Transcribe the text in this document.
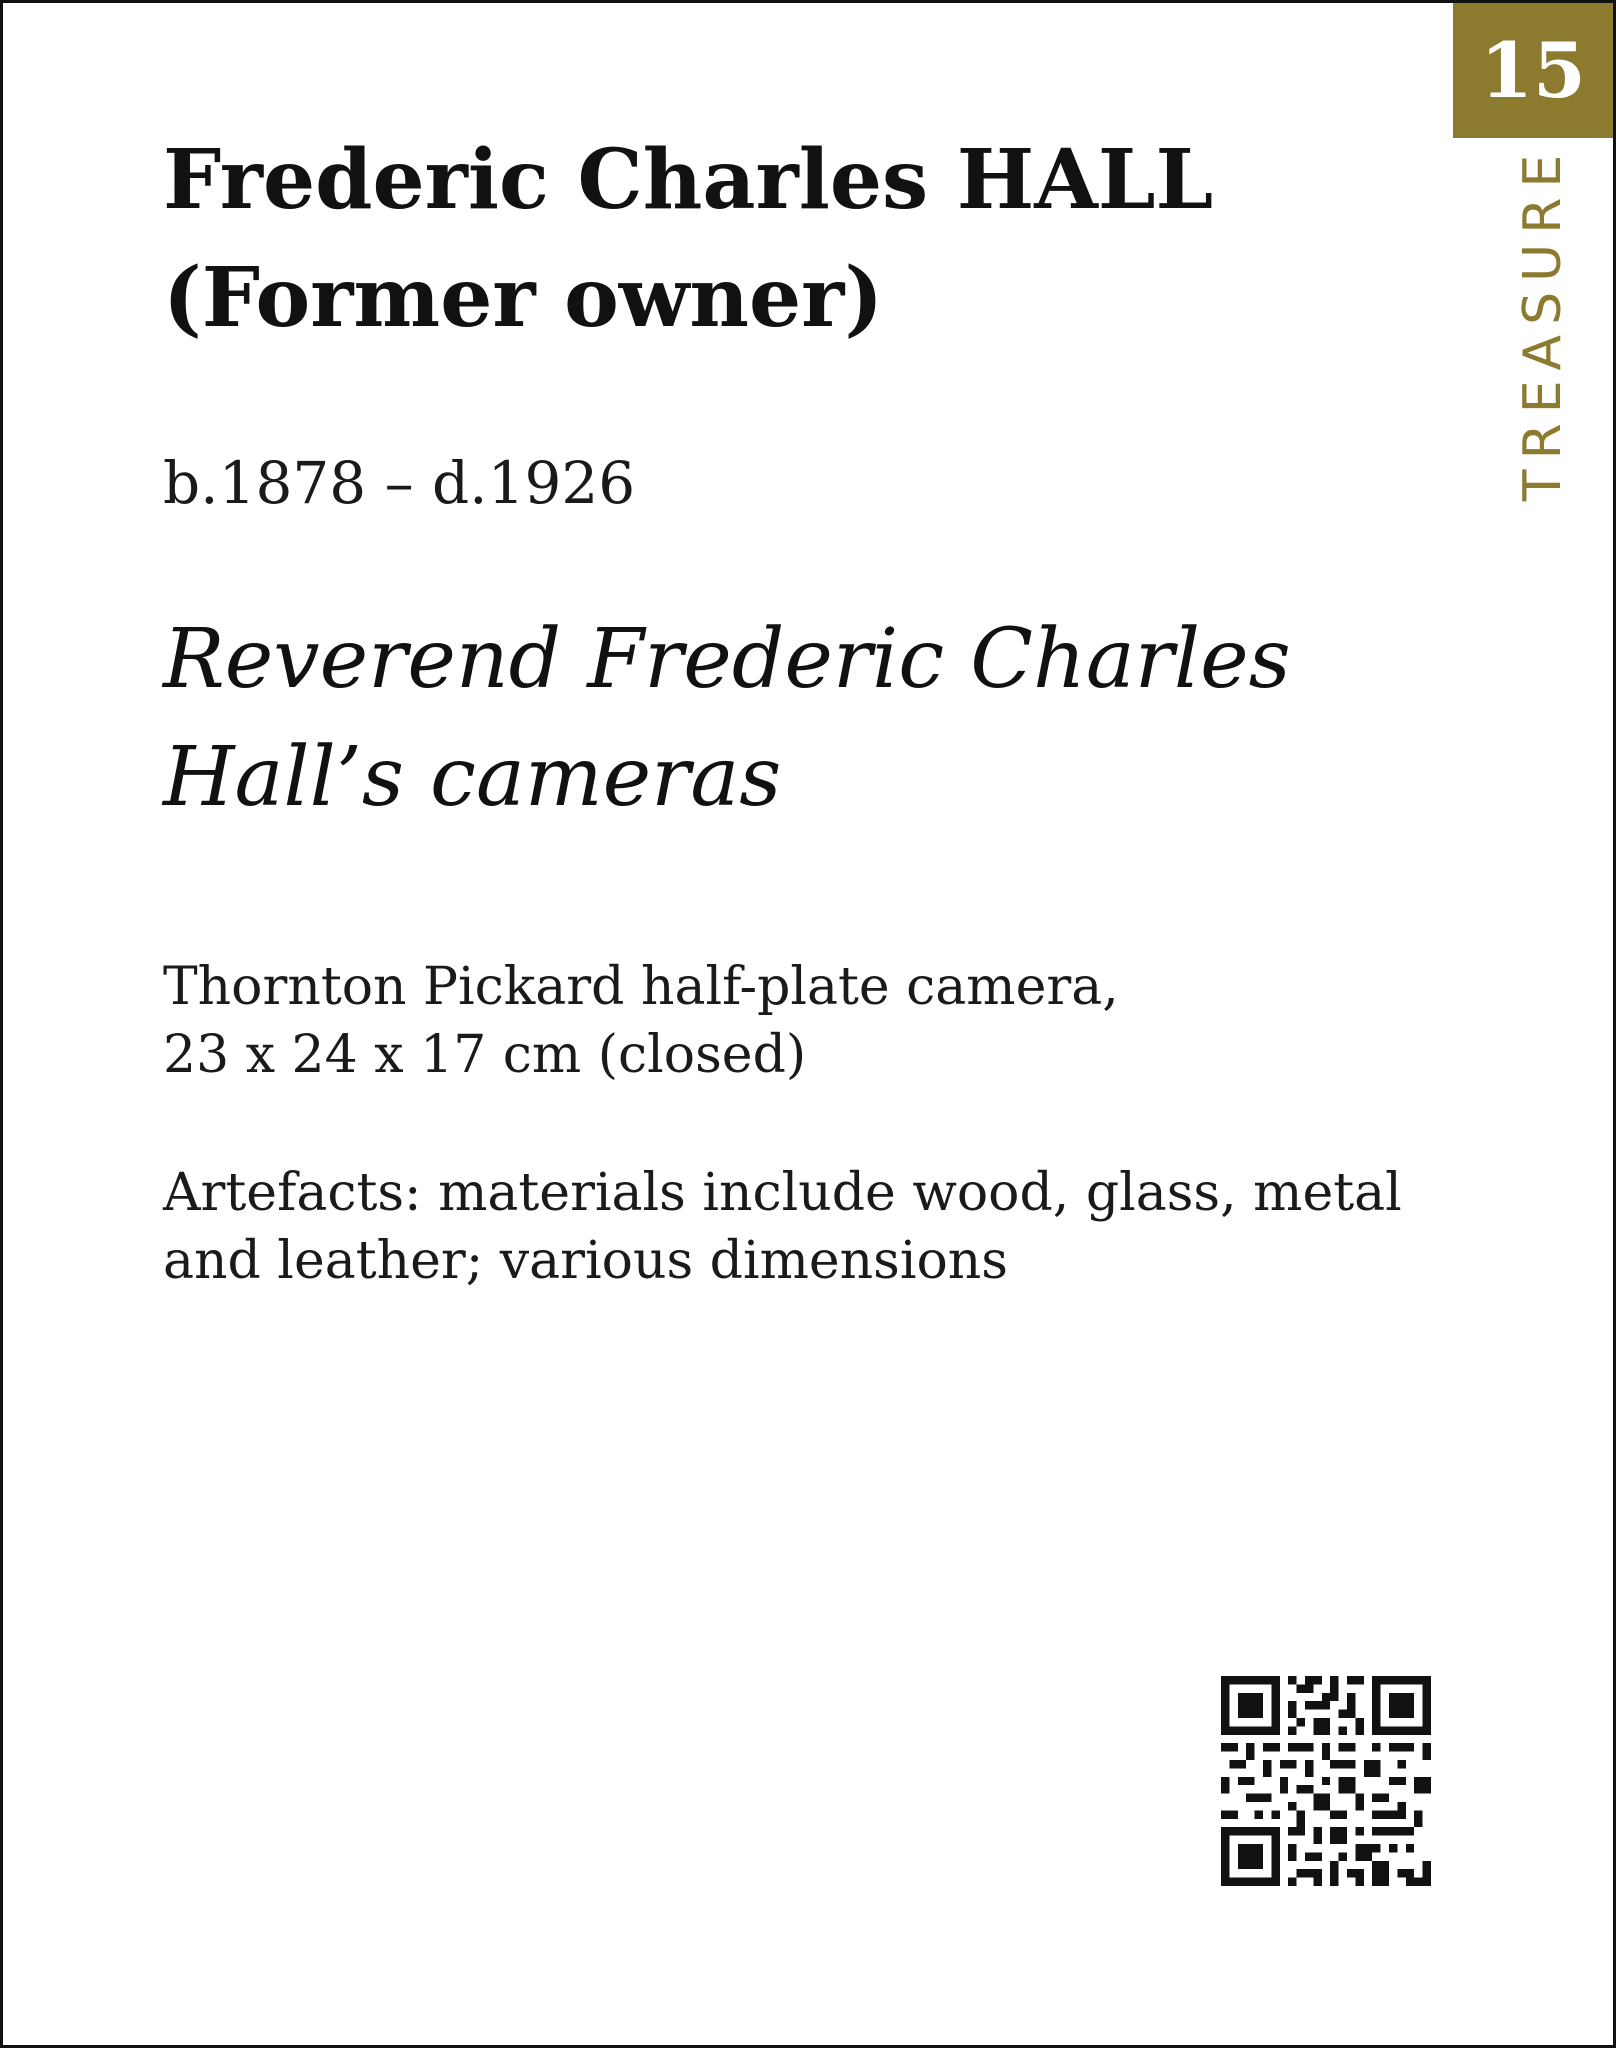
15
TREASURE
Frederic Charles HALL
(Former owner)
b.1878 – d.1926
Reverend Frederic Charles
Hall’s cameras
Thornton Pickard half-plate camera,
23 x 24 x 17 cm (closed)
Artefacts: materials include wood, glass, metal
and leather; various dimensions
